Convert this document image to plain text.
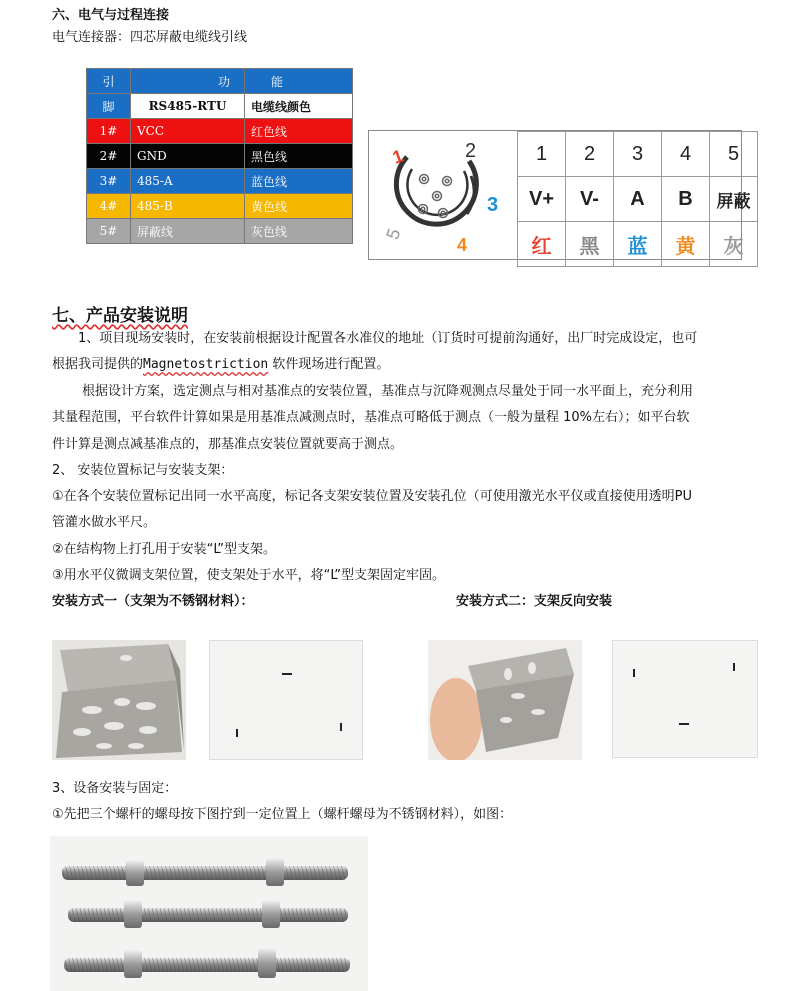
六、电气与过程连接
电气连接器：四芯屏蔽电缆线引线
引	功	能
脚	RS485-RTU	电缆线颜色
1#	VCC	红色线
2#	GND	黑色线
3#	485-A	蓝色线
4#	485-B	黄色线
5#	屏蔽线	灰色线
1	2
3
4
5
1	2	3	4	5
V+	V-	A	B	屏蔽
红	黑	蓝	黄	灰
七、产品安装说明
1、项目现场安装时，在安装前根据设计配置各水准仪的地址（订货时可提前沟通好，出厂时完成设定，也可
根据我司提供的Magnetostriction 软件现场进行配置。
根据设计方案，选定测点与相对基准点的安装位置，基准点与沉降观测点尽量处于同一水平面上，充分利用
其量程范围，平台软件计算如果是用基准点减测点时，基准点可略低于测点（一般为量程 10%左右）；如平台软
件计算是测点减基准点的，那基准点安装位置就要高于测点。
2、 安装位置标记与安装支架：
①在各个安装位置标记出同一水平高度，标记各支架安装位置及安装孔位（可使用激光水平仪或直接使用透明PU
管灌水做水平尺。
②在结构物上打孔用于安装“L”型支架。
③用水平仪微调支架位置，使支架处于水平，将“L”型支架固定牢固。
安装方式一（支架为不锈钢材料）：	安装方式二：支架反向安装
3、设备安装与固定：
①先把三个螺杆的螺母按下图拧到一定位置上（螺杆螺母为不锈钢材料），如图：
